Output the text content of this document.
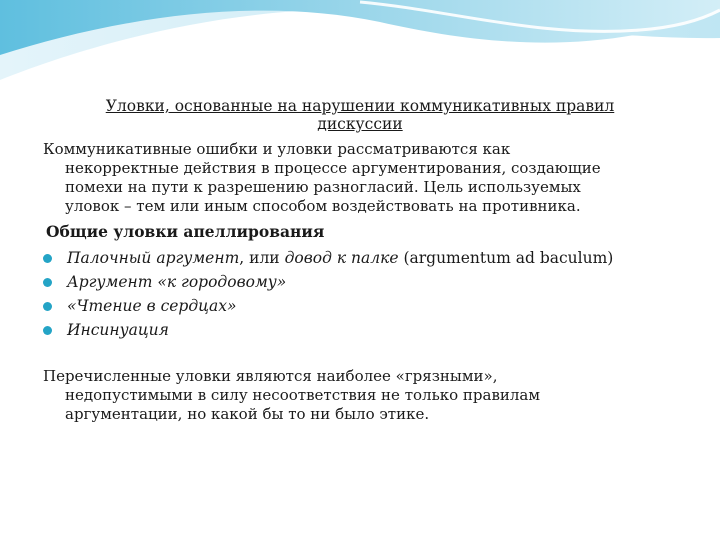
Уловки, основанные на нарушении коммуникативных правил
дискуссии
Коммуникативные ошибки и уловки рассматриваются как
некорректные действия в процессе аргументирования, создающие
помехи на пути к разрешению разногласий. Цель используемых
уловок – тем или иным способом воздействовать на противника.
Общие уловки апеллирования
Палочный аргумент, или довод к палке (argumentum ad baculum)
Аргумент «к городовому»
«Чтение в сердцах»
Инсинуация
Перечисленные уловки являются наиболее «грязными»,
недопустимыми в силу несоответствия не только правилам
аргументации, но какой бы то ни было этике.
